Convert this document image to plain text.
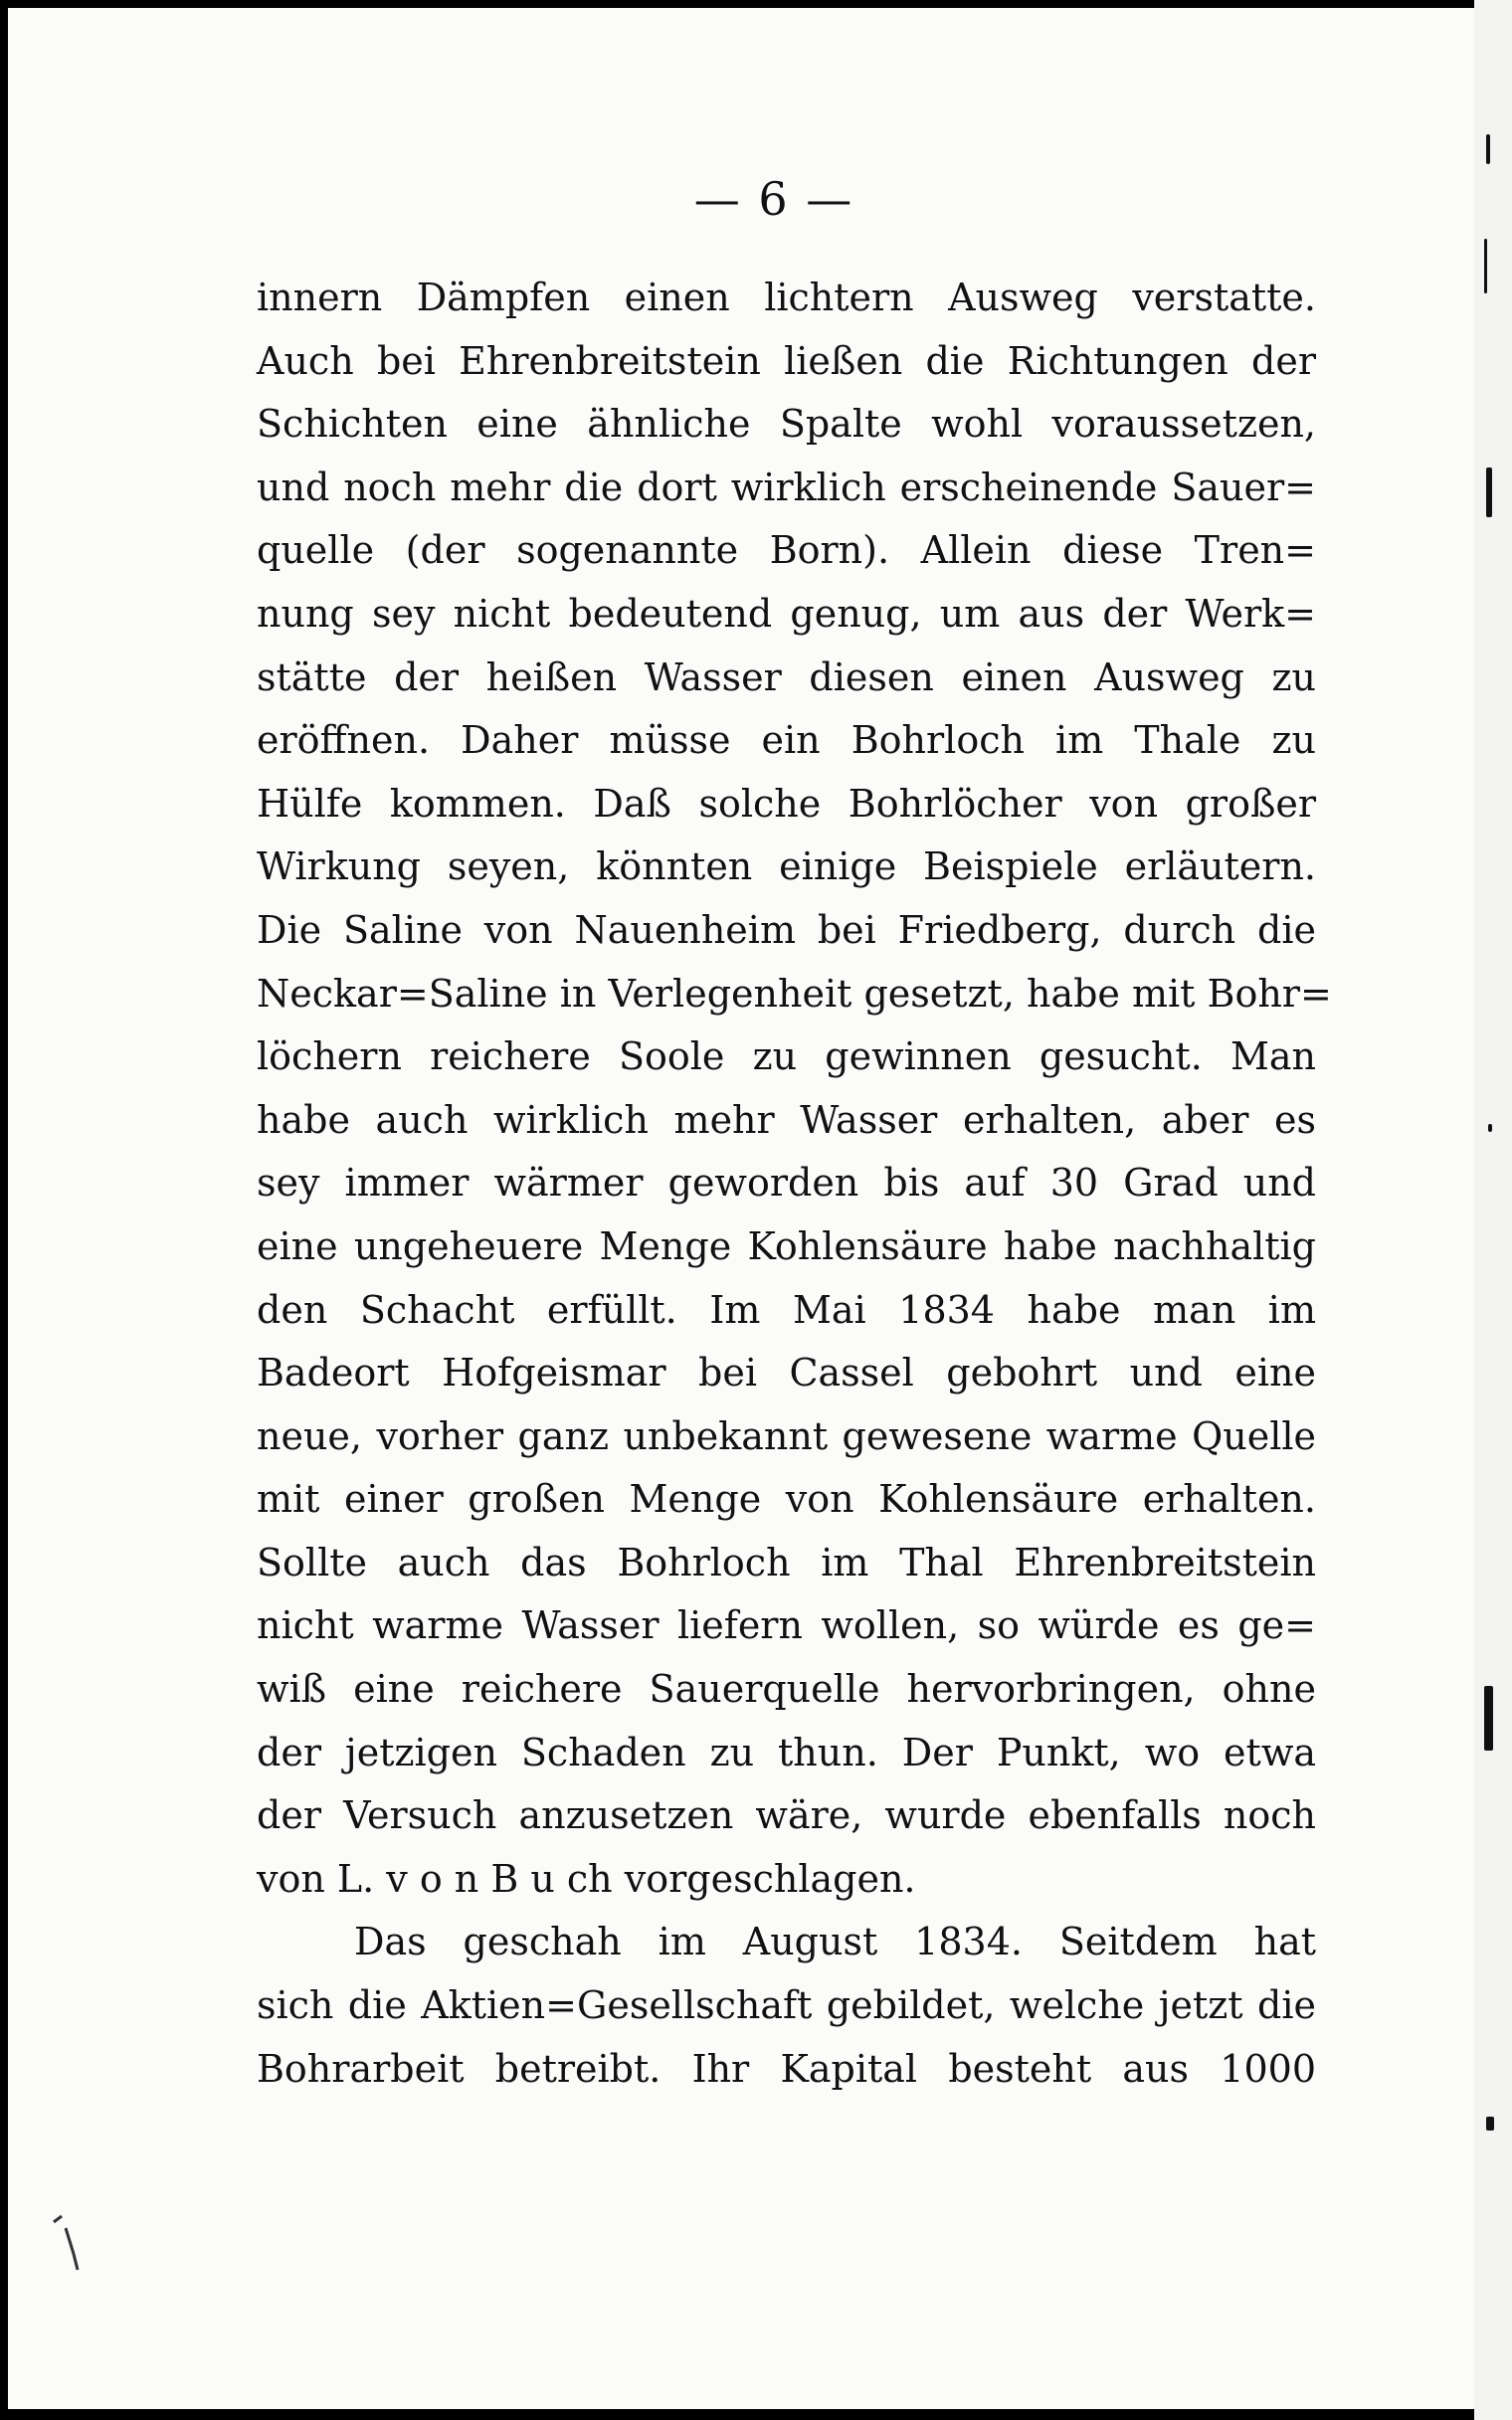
— 6 —
innern Dämpfen einen lichtern Ausweg verstatte.
Auch bei Ehrenbreitstein ließen die Richtungen der
Schichten eine ähnliche Spalte wohl voraussetzen,
und noch mehr die dort wirklich erscheinende Sauer=
quelle (der sogenannte Born). Allein diese Tren=
nung sey nicht bedeutend genug, um aus der Werk=
stätte der heißen Wasser diesen einen Ausweg zu
eröffnen. Daher müsse ein Bohrloch im Thale zu
Hülfe kommen. Daß solche Bohrlöcher von großer
Wirkung seyen, könnten einige Beispiele erläutern.
Die Saline von Nauenheim bei Friedberg, durch die
Neckar=Saline in Verlegenheit gesetzt, habe mit Bohr=
löchern reichere Soole zu gewinnen gesucht. Man
habe auch wirklich mehr Wasser erhalten, aber es
sey immer wärmer geworden bis auf 30 Grad und
eine ungeheuere Menge Kohlensäure habe nachhaltig
den Schacht erfüllt. Im Mai 1834 habe man im
Badeort Hofgeismar bei Cassel gebohrt und eine
neue, vorher ganz unbekannt gewesene warme Quelle
mit einer großen Menge von Kohlensäure erhalten.
Sollte auch das Bohrloch im Thal Ehrenbreitstein
nicht warme Wasser liefern wollen, so würde es ge=
wiß eine reichere Sauerquelle hervorbringen, ohne
der jetzigen Schaden zu thun. Der Punkt, wo etwa
der Versuch anzusetzen wäre, wurde ebenfalls noch
von L. v o n B u ch vorgeschlagen.
Das geschah im August 1834. Seitdem hat
sich die Aktien=Gesellschaft gebildet, welche jetzt die
Bohrarbeit betreibt. Ihr Kapital besteht aus 1000
